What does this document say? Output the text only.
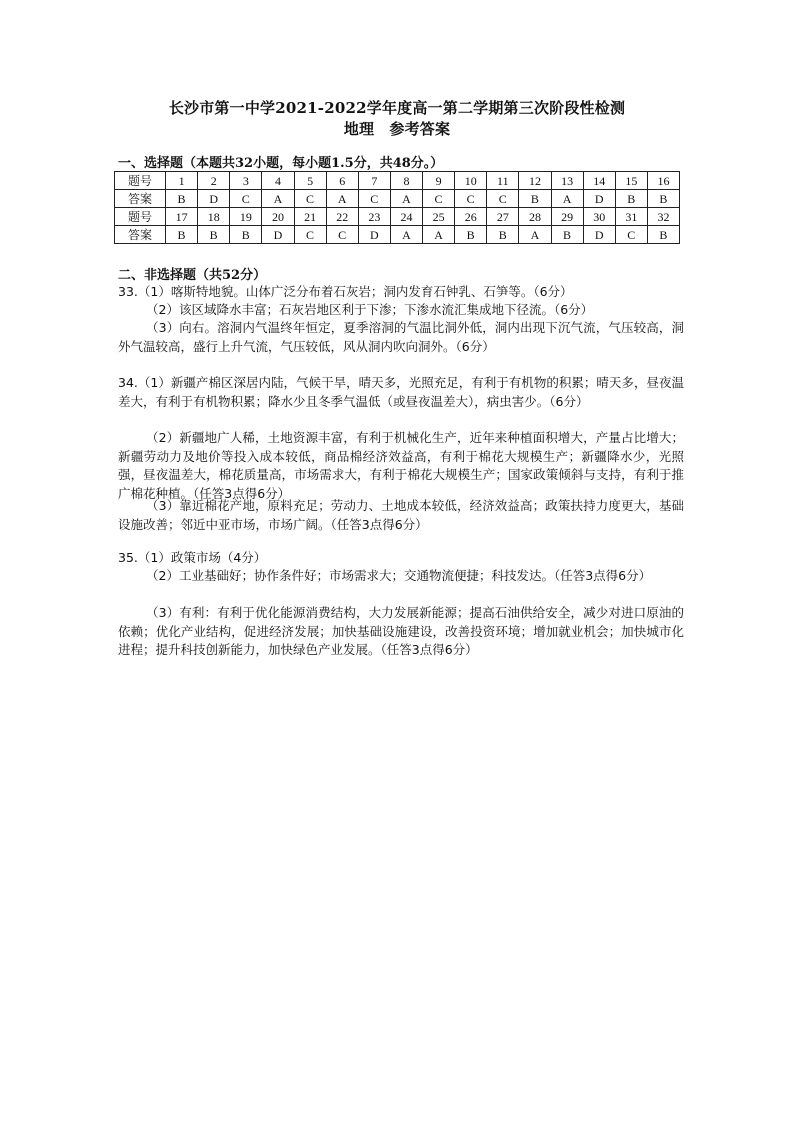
长沙市第一中学2021-2022学年度高一第二学期第三次阶段性检测
地理　参考答案
一、选择题（本题共32小题，每小题1.5分，共48分。）
题号	1	2	3	4	5	6	7	8	9	10	11	12	13	14	15	16
答案	B	D	C	A	C	A	C	A	C	C	C	B	A	D	B	B
题号	17	18	19	20	21	22	23	24	25	26	27	28	29	30	31	32
答案	B	B	B	D	C	C	D	A	A	B	B	A	B	D	C	B
二、非选择题（共52分）
33.（1）喀斯特地貌。山体广泛分布着石灰岩；洞内发育石钟乳、石笋等。（6分）
（2）该区域降水丰富；石灰岩地区利于下渗；下渗水流汇集成地下径流。（6分）
（3）向右。溶洞内气温终年恒定，夏季溶洞的气温比洞外低，洞内出现下沉气流，气压较高，洞外气温较高，盛行上升气流，气压较低，风从洞内吹向洞外。（6分）
34.（1）新疆产棉区深居内陆，气候干旱，晴天多，光照充足，有利于有机物的积累；晴天多，昼夜温差大，有利于有机物积累；降水少且冬季气温低（或昼夜温差大），病虫害少。（6分）
（2）新疆地广人稀，土地资源丰富，有利于机械化生产，近年来种植面积增大，产量占比增大；新疆劳动力及地价等投入成本较低，商品棉经济效益高，有利于棉花大规模生产；新疆降水少，光照强，昼夜温差大，棉花质量高，市场需求大，有利于棉花大规模生产；国家政策倾斜与支持，有利于推广棉花种植。（任答3点得6分）
（3）靠近棉花产地，原料充足；劳动力、土地成本较低，经济效益高；政策扶持力度更大，基础设施改善；邻近中亚市场，市场广阔。（任答3点得6分）
35.（1）政策市场（4分）
（2）工业基础好；协作条件好；市场需求大；交通物流便捷；科技发达。（任答3点得6分）
（3）有利：有利于优化能源消费结构，大力发展新能源；提高石油供给安全，减少对进口原油的依赖；优化产业结构，促进经济发展；加快基础设施建设，改善投资环境；增加就业机会；加快城市化进程；提升科技创新能力，加快绿色产业发展。（任答3点得6分）
